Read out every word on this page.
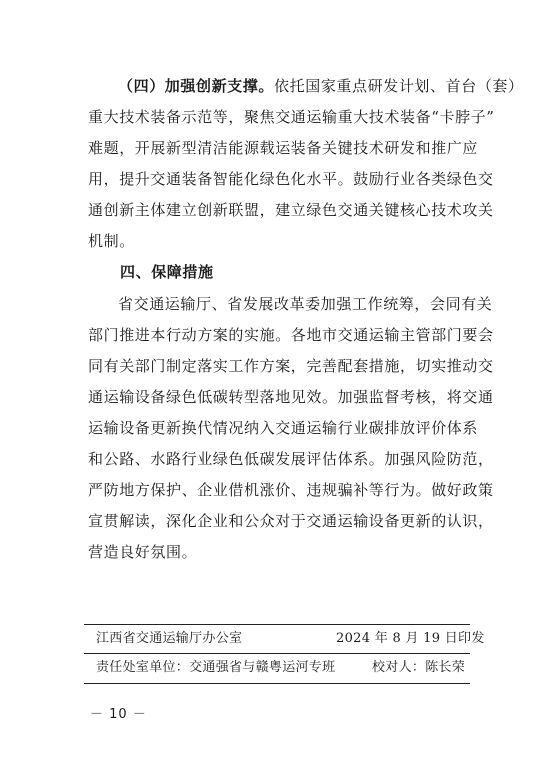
（四）加强创新支撑。依托国家重点研发计划、首台（套）
重大技术装备示范等，聚焦交通运输重大技术装备“卡脖子”
难题，开展新型清洁能源载运装备关键技术研发和推广应
用，提升交通装备智能化绿色化水平。鼓励行业各类绿色交
通创新主体建立创新联盟，建立绿色交通关键核心技术攻关
机制。
四、保障措施
省交通运输厅、省发展改革委加强工作统筹，会同有关
部门推进本行动方案的实施。各地市交通运输主管部门要会
同有关部门制定落实工作方案，完善配套措施，切实推动交
通运输设备绿色低碳转型落地见效。加强监督考核，将交通
运输设备更新换代情况纳入交通运输行业碳排放评价体系
和公路、水路行业绿色低碳发展评估体系。加强风险防范，
严防地方保护、企业借机涨价、违规骗补等行为。做好政策
宣贯解读，深化企业和公众对于交通运输设备更新的认识，
营造良好氛围。
江西省交通运输厅办公室	2024 年 8 月 19 日印发
责任处室单位：交通强省与赣粤运河专班	校对人：陈长荣
－ 10 －
